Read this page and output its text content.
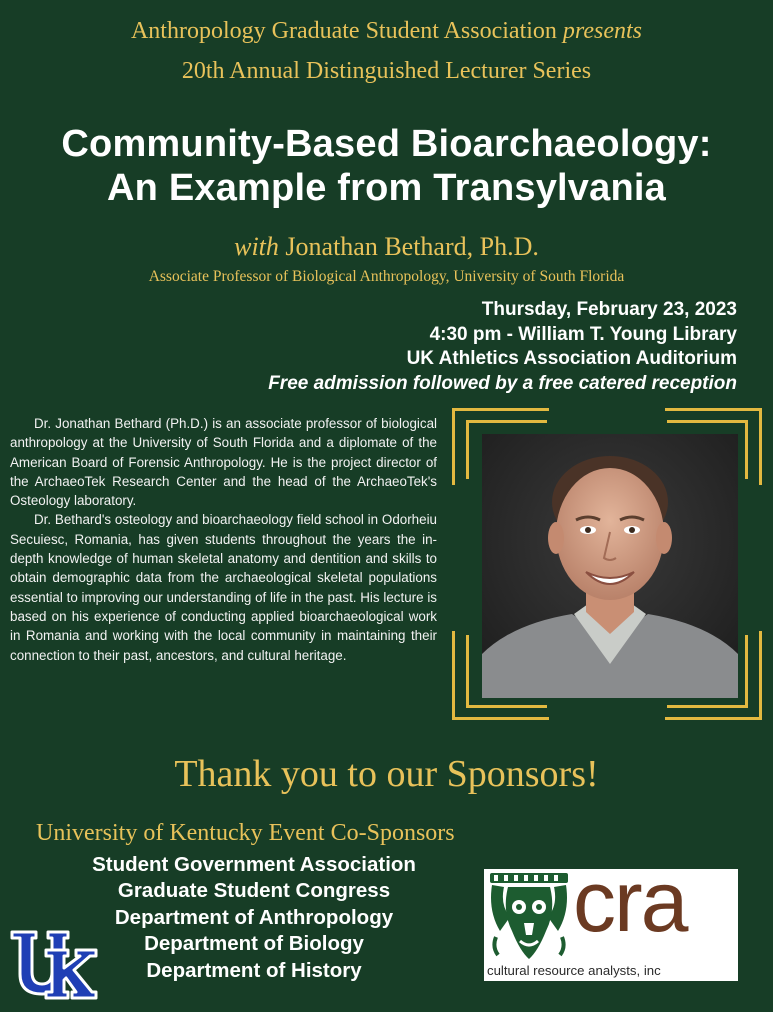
Anthropology Graduate Student Association presents
20th Annual Distinguished Lecturer Series
Community-Based Bioarchaeology:
An Example from Transylvania
with Jonathan Bethard, Ph.D.
Associate Professor of Biological Anthropology, University of South Florida
Thursday, February 23, 2023
4:30 pm - William T. Young Library
UK Athletics Association Auditorium
Free admission followed by a free catered reception

Dr. Jonathan Bethard (Ph.D.) is an associate professor of biological anthropology at the University of South Florida and a diplomate of the American Board of Forensic Anthropology. He is the project director of the ArchaeoTek Research Center and the head of the ArchaeoTek's Osteology laboratory.

Dr. Bethard's osteology and bioarchaeology field school in Odorheiu Secuiesc, Romania, has given students throughout the years the in-depth knowledge of human skeletal anatomy and dentition and skills to obtain demographic data from the archaeological skeletal populations essential to improving our understanding of life in the past. His lecture is based on his experience of conducting applied bioarchaeological work in Romania and working with the local community in maintaining their connection to their past, ancestors, and cultural heritage.

Thank you to our Sponsors!
University of Kentucky Event Co-Sponsors
Student Government Association
Graduate Student Congress
Department of Anthropology
Department of Biology
Department of History
cra
cultural resource analysts, inc
